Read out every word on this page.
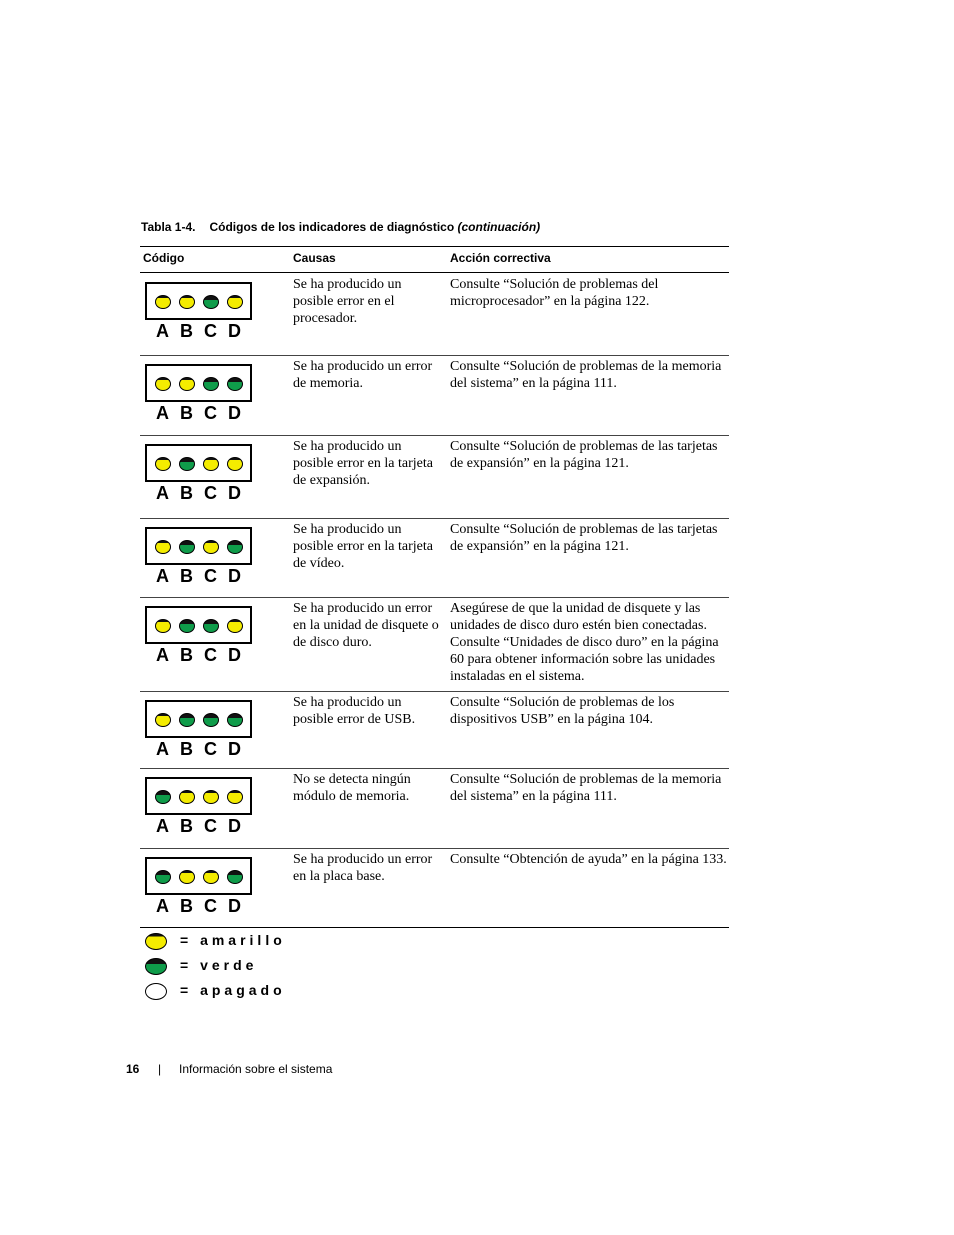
Tabla 1-4. Códigos de los indicadores de diagnóstico (continuación)
Código	Causas	Acción correctiva
A B C D
Se ha producido un posible error en el procesador.
Consulte “Solución de problemas del microprocesador” en la página 122.
A B C D
Se ha producido un error de memoria.
Consulte “Solución de problemas de la memoria del sistema” en la página 111.
A B C D
Se ha producido un posible error en la tarjeta de expansión.
Consulte “Solución de problemas de las tarjetas de expansión” en la página 121.
A B C D
Se ha producido un posible error en la tarjeta de vídeo.
Consulte “Solución de problemas de las tarjetas de expansión” en la página 121.
A B C D
Se ha producido un error en la unidad de disquete o de disco duro.
Asegúrese de que la unidad de disquete y las unidades de disco duro estén bien conectadas. Consulte “Unidades de disco duro” en la página 60 para obtener información sobre las unidades instaladas en el sistema.
A B C D
Se ha producido un posible error de USB.
Consulte “Solución de problemas de los dispositivos USB” en la página 104.
A B C D
No se detecta ningún módulo de memoria.
Consulte “Solución de problemas de la memoria del sistema” en la página 111.
A B C D
Se ha producido un error en la placa base.
Consulte “Obtención de ayuda” en la página 133.
= amarillo
= verde
= apagado
16 | Información sobre el sistema
